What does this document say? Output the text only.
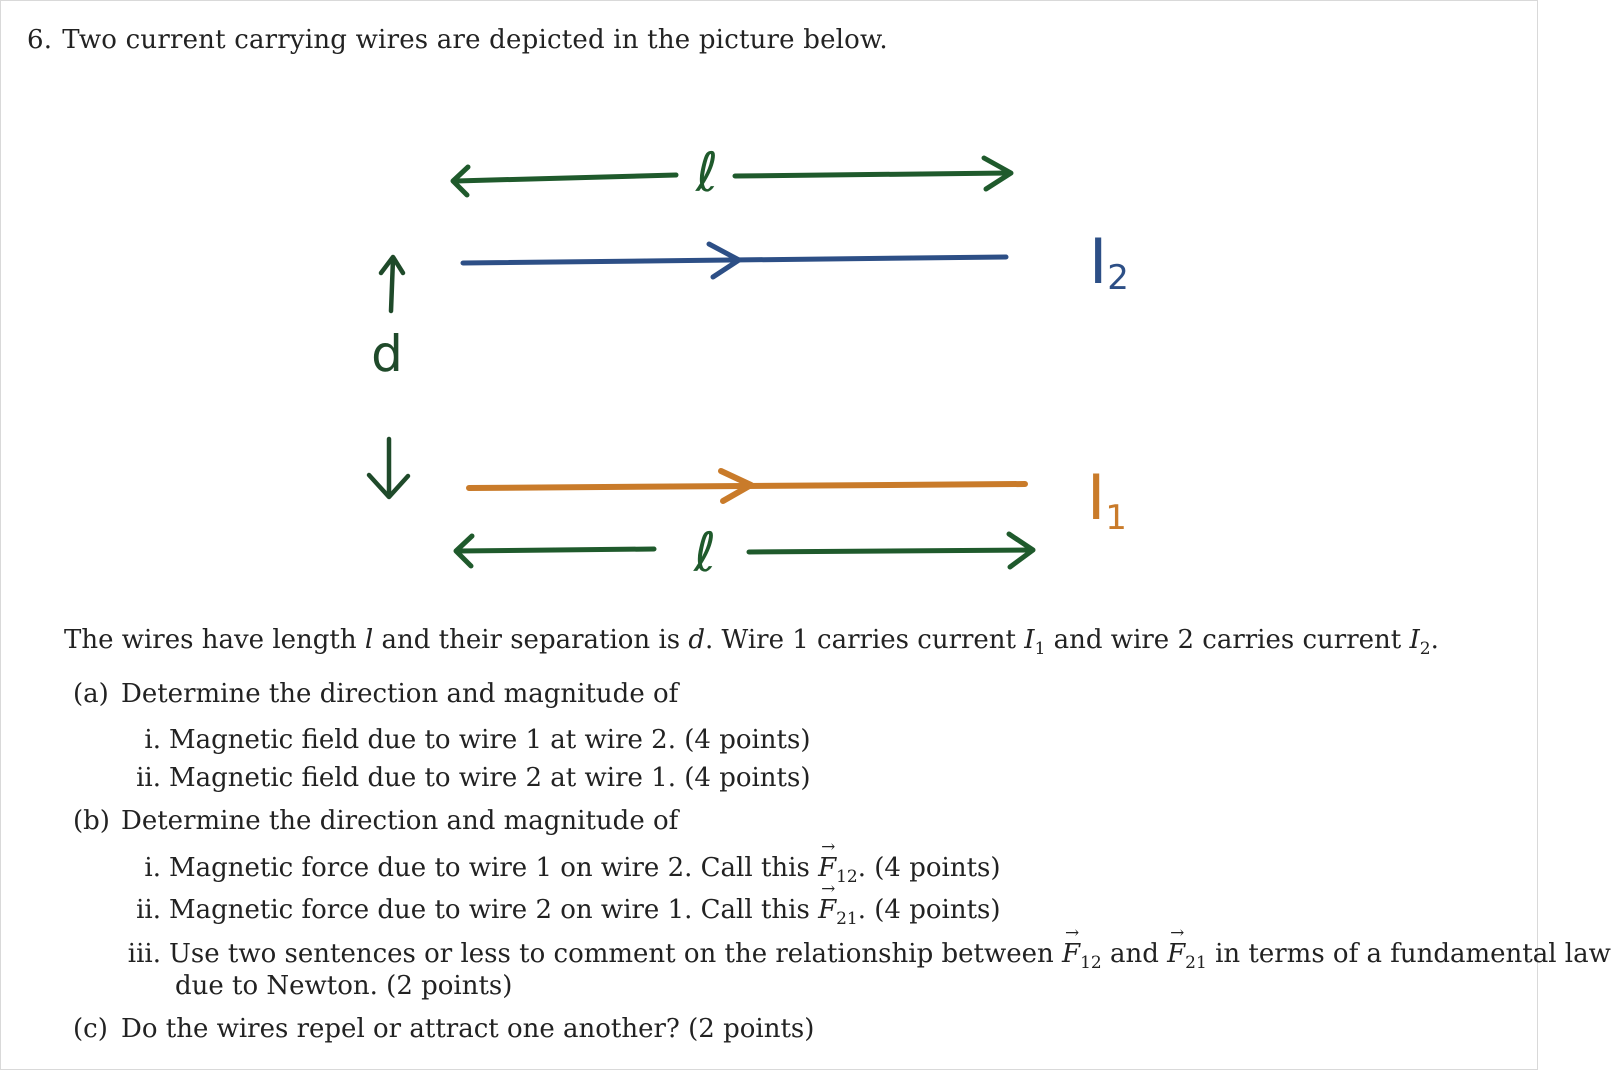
6. Two current carrying wires are depicted in the picture below.
ℓ
I2
d
I1
ℓ
The wires have length l and their separation is d. Wire 1 carries current $I_1$ and wire 2 carries current $I_2$.
(a) Determine the direction and magnitude of
i. Magnetic field due to wire 1 at wire 2. (4 points)
ii. Magnetic field due to wire 2 at wire 1. (4 points)
(b) Determine the direction and magnitude of
i. Magnetic force due to wire 1 on wire 2. Call this → $F_{12}$. (4 points)
ii. Magnetic force due to wire 2 on wire 1. Call this → $F_{21}$. (4 points)
iii. Use two sentences or less to comment on the relationship between → $F_{12}$ and → $F_{21}$ in terms of a fundamental law
due to Newton. (2 points)
(c) Do the wires repel or attract one another? (2 points)
